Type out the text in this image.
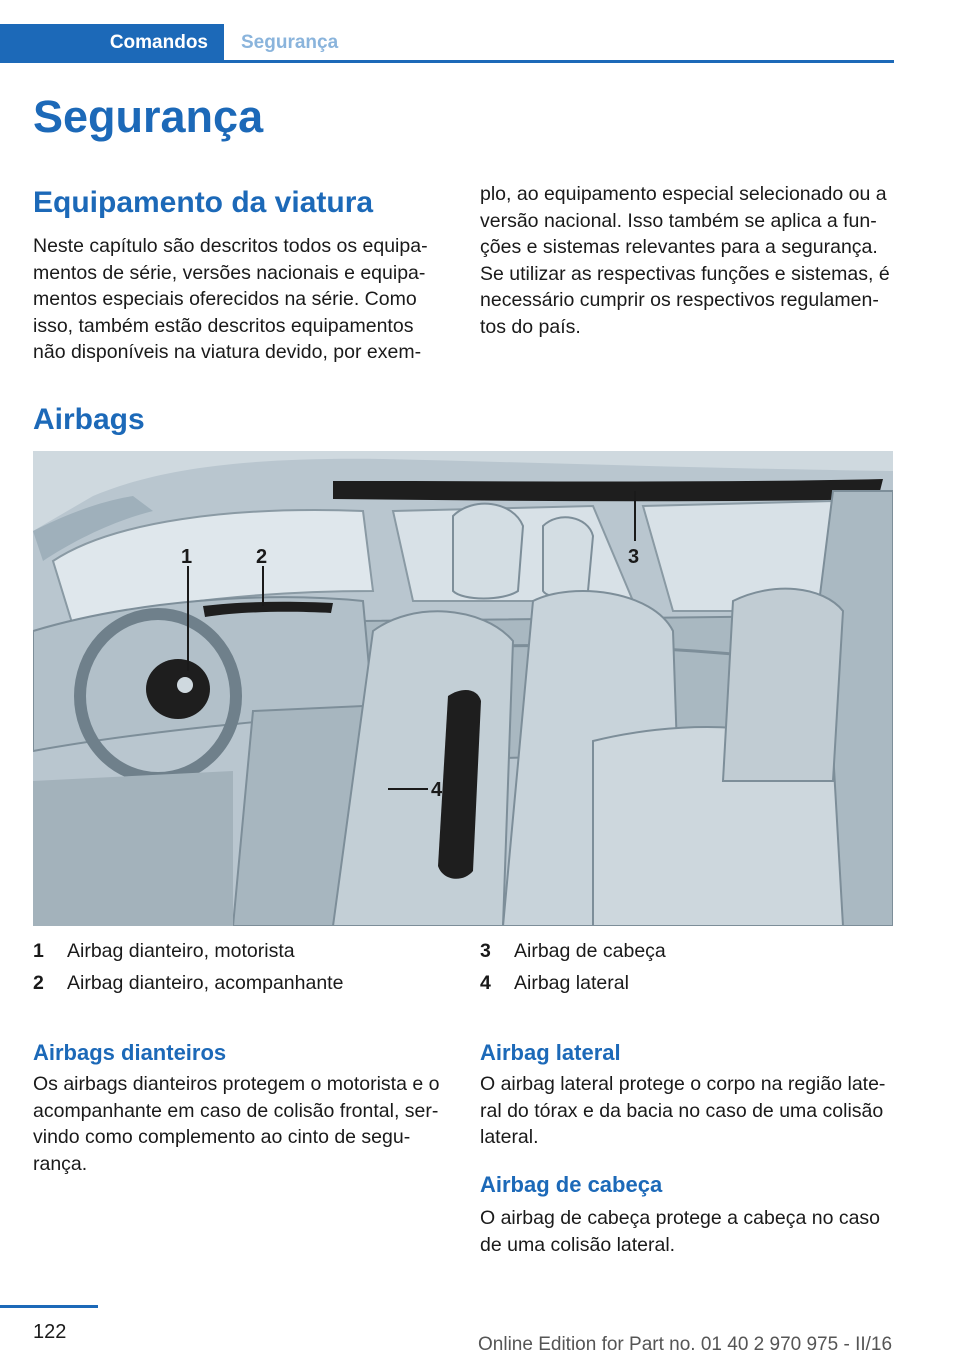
Comandos Segurança
Segurança
Equipamento da viatura
Neste capítulo são descritos todos os equipa‐
mentos de série, versões nacionais e equipa‐
mentos especiais oferecidos na série. Como
isso, também estão descritos equipamentos
não disponíveis na viatura devido, por exem‐
plo, ao equipamento especial selecionado ou a
versão nacional. Isso também se aplica a fun‐
ções e sistemas relevantes para a segurança.
Se utilizar as respectivas funções e sistemas, é
necessário cumprir os respectivos regulamen‐
tos do país.
Airbags
1	2	3
4
1	Airbag dianteiro, motorista
2	Airbag dianteiro, acompanhante
3	Airbag de cabeça
4	Airbag lateral
Airbags dianteiros
Os airbags dianteiros protegem o motorista e o
acompanhante em caso de colisão frontal, ser‐
vindo como complemento ao cinto de segu‐
rança.
Airbag lateral
O airbag lateral protege o corpo na região late‐
ral do tórax e da bacia no caso de uma colisão
lateral.
Airbag de cabeça
O airbag de cabeça protege a cabeça no caso
de uma colisão lateral.
122
Online Edition for Part no. 01 40 2 970 975 - II/16
